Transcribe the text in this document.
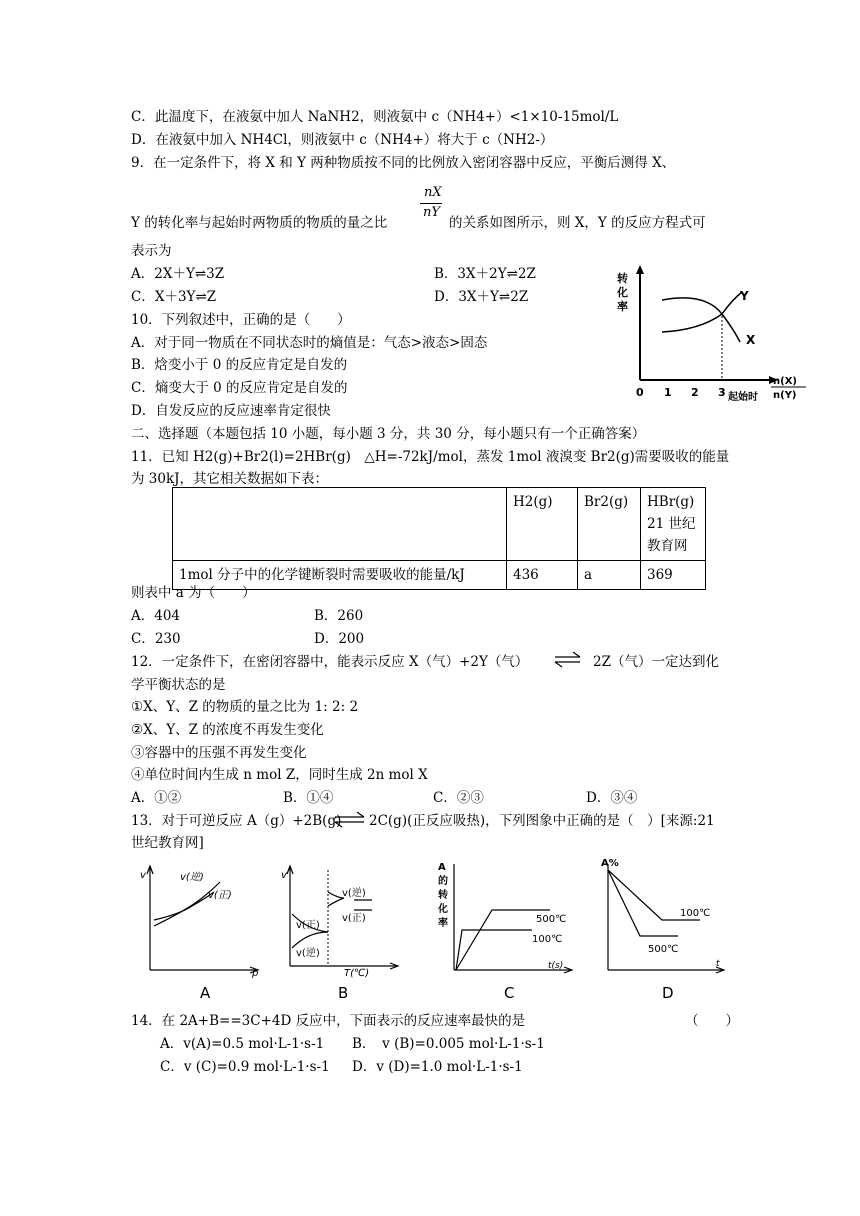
C．此温度下，在液氨中加人 NaNH2，则液氨中 c（NH4+）<1×10-15mol/L
D．在液氨中加入 NH4Cl，则液氨中 c（NH4+）将大于 c（NH2-）
9．在一定条件下，将 X 和 Y 两种物质按不同的比例放入密闭容器中反应，平衡后测得 X、
nX
nY
Y 的转化率与起始时两物质的物质的量之比	的关系如图所示，则 X，Y 的反应方程式可
表示为
A．2X＋Y⇌3Z	B．3X＋2Y⇌2Z
C．X＋3Y⇌Z	D．3X＋Y⇌2Z
转
化
率
0 1 2 3
Y
X
起始时
n(X)
n(Y)
10．下列叙述中，正确的是（　　）
A．对于同一物质在不同状态时的熵值是：气态>液态>固态
B．焓变小于 0 的反应肯定是自发的
C．熵变大于 0 的反应肯定是自发的
D．自发反应的反应速率肯定很快
二、选择题（本题包括 10 小题，每小题 3 分，共 30 分，每小题只有一个正确答案）
11．已知 H2(g)+Br2(l)=2HBr(g)　△H=-72kJ/mol，蒸发 1mol 液溴变 Br2(g)需要吸收的能量
为 30kJ，其它相关数据如下表：
	H2(g)	Br2(g)	HBr(g)
21 世纪
教育网
1mol 分子中的化学键断裂时需要吸收的能量/kJ	436	a	369
则表中 a 为（　　）
A．404	B．260
C．230	D．200
12．一定条件下，在密闭容器中，能表示反应 X（气）+2Y（气）	2Z（气）一定达到化
学平衡状态的是
①X、Y、Z 的物质的量之比为 1: 2: 2
②X、Y、Z 的浓度不再发生变化
③容器中的压强不再发生变化
④单位时间内生成 n mol Z，同时生成 2n mol X
A．①②	B．①④	C．②③	D．③④
13．对于可逆反应 A（g）+2B(g) 2C(g)(正反应吸热)，下列图象中正确的是（　）[来源:21
世纪教育网]
v	v(逆)
v(正)
p
A
v
v(逆)
v(正)
v(正)
v(逆)
T(℃)
B
A
的
转
化
率	500℃
100℃
t(s)
C
A%
100℃
500℃
t
D
14．在 2A+B==3C+4D 反应中，下面表示的反应速率最快的是	（　　）
A．v(A)=0.5 mol·L-1·s-1 B．　v (B)=0.005 mol·L-1·s-1
C．v (C)=0.9 mol·L-1·s-1 D．v (D)=1.0 mol·L-1·s-1
